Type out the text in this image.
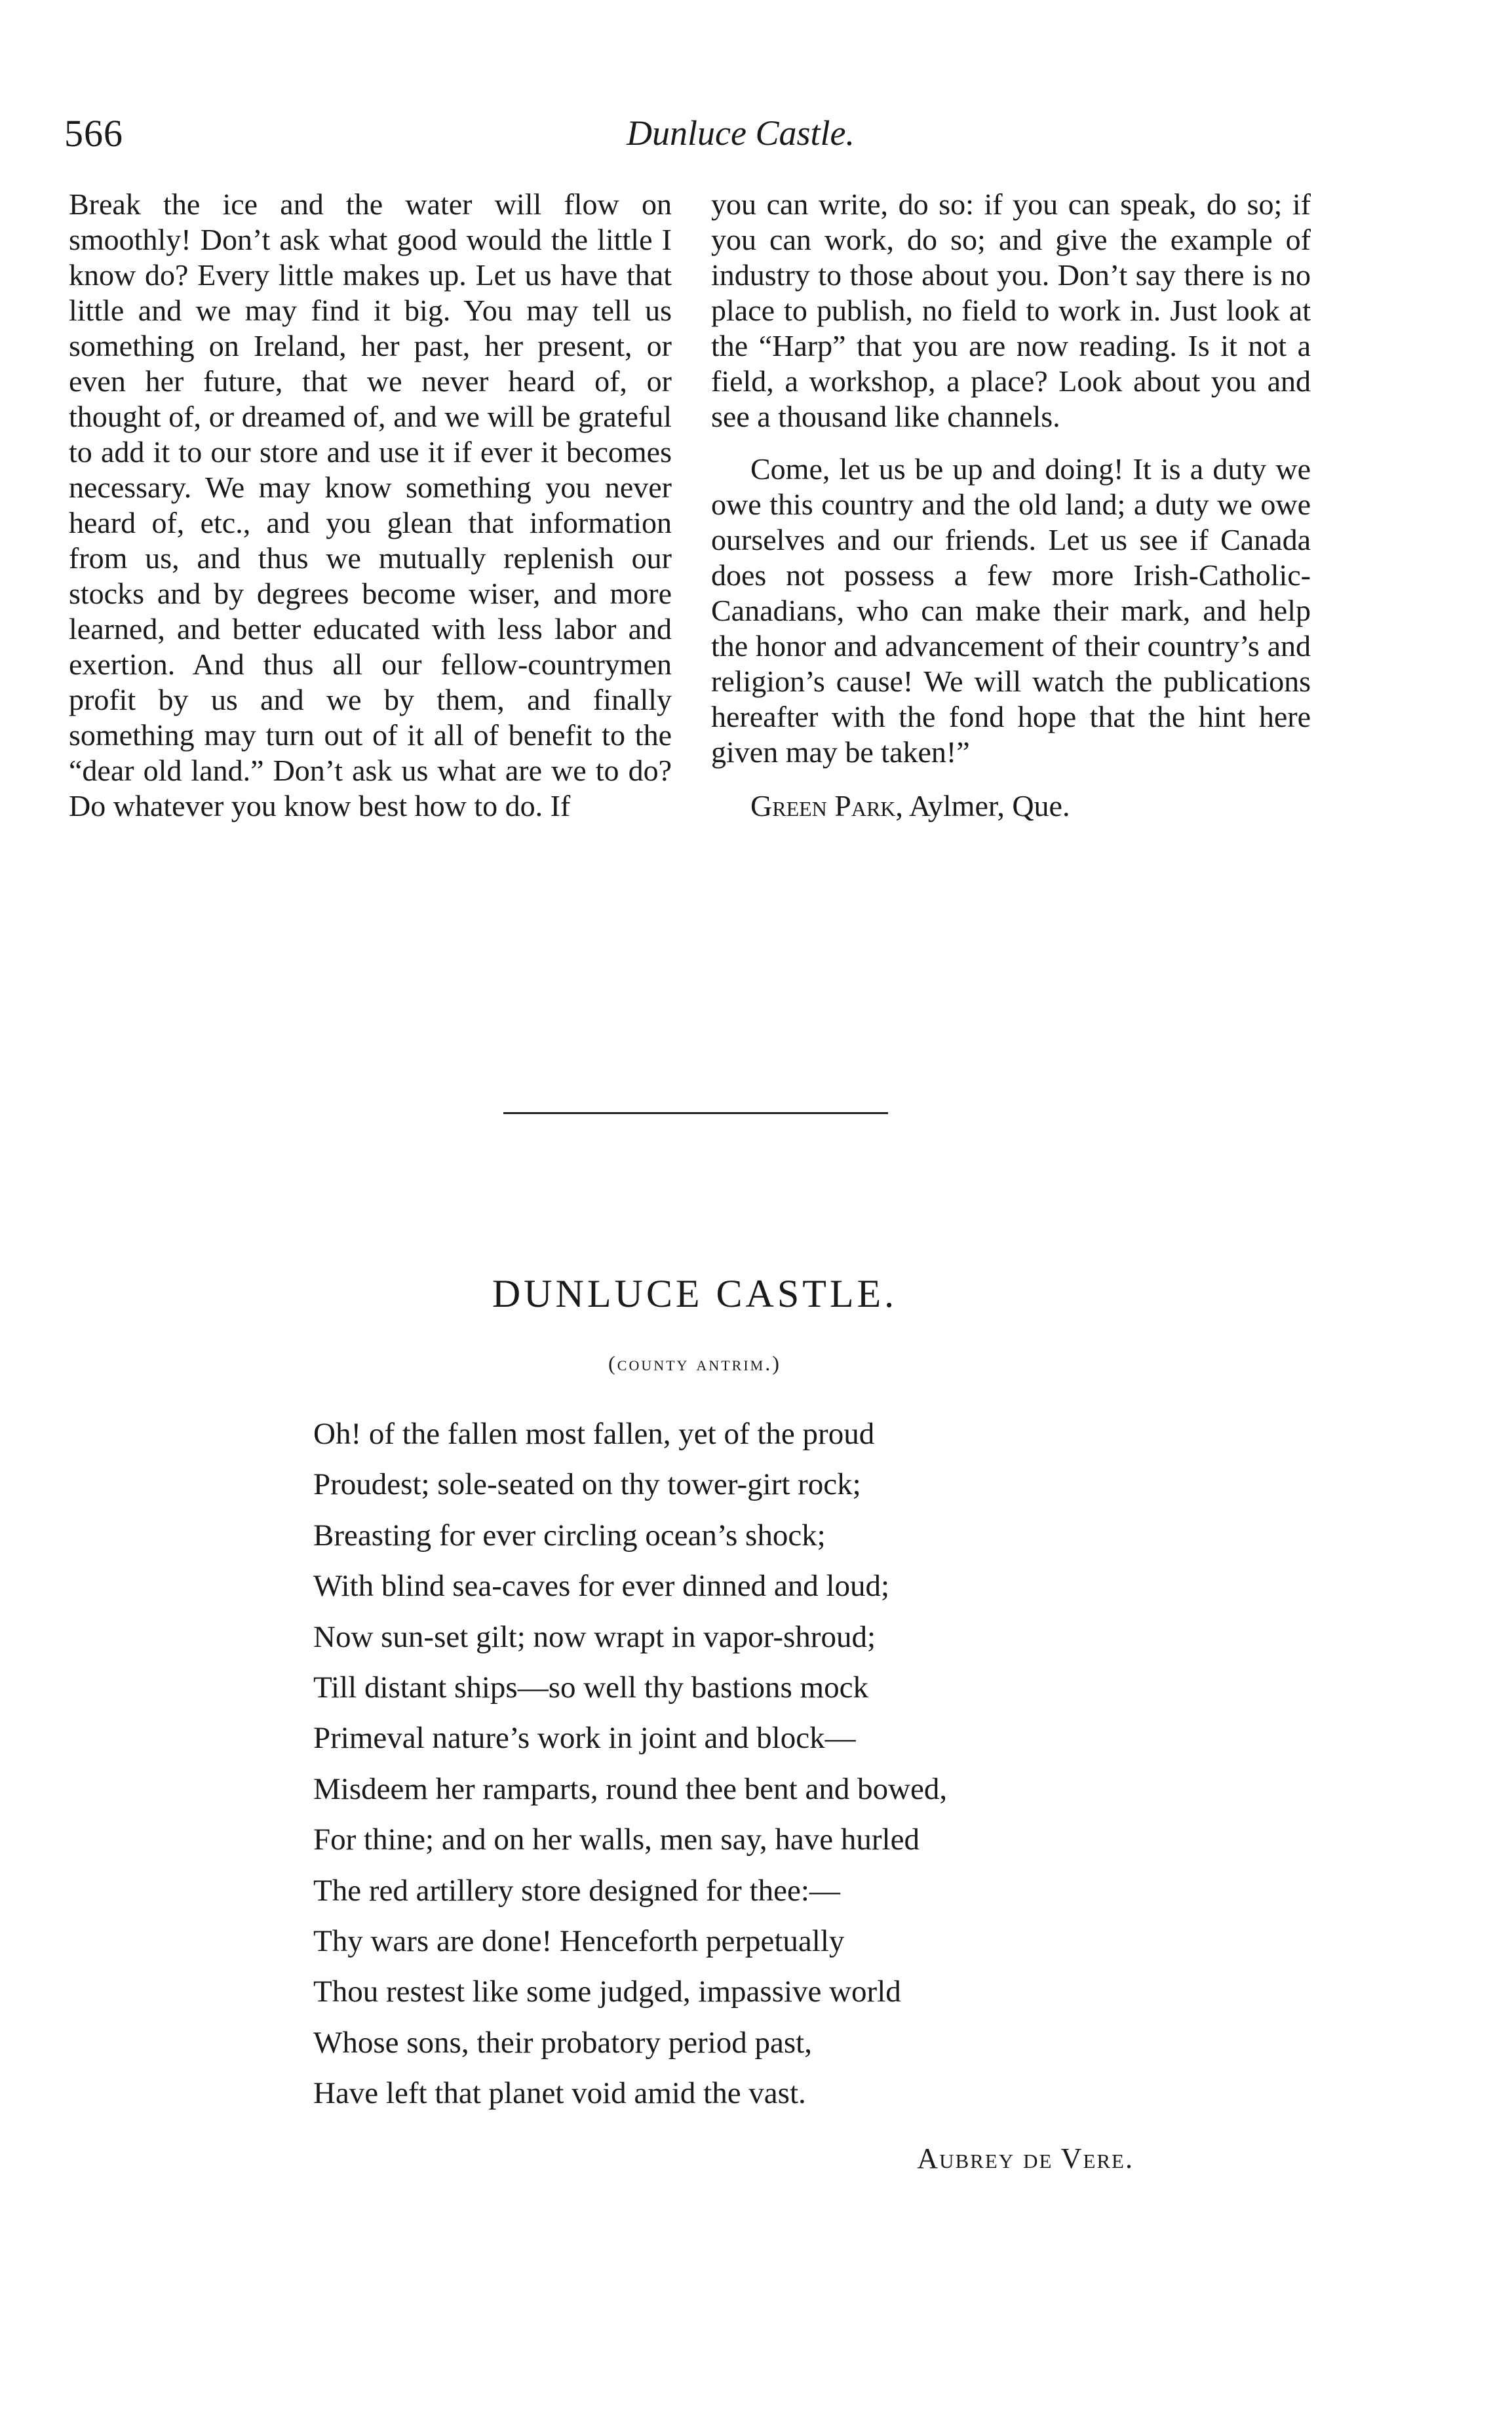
566	Dunluce Castle.

Break the ice and the water will flow on smoothly! Don’t ask what good would the little I know do? Every little makes up. Let us have that little and we may find it big. You may tell us something on Ireland, her past, her present, or even her future, that we never heard of, or thought of, or dreamed of, and we will be grateful to add it to our store and use it if ever it becomes necessary. We may know something you never heard of, etc., and you glean that information from us, and thus we mutually replenish our stocks and by degrees become wiser, and more learned, and better educated with less labor and exertion. And thus all our fellow-countrymen profit by us and we by them, and finally something may turn out of it all of benefit to the “dear old land.” Don’t ask us what are we to do? Do whatever you know best how to do. If

you can write, do so: if you can speak, do so; if you can work, do so; and give the example of industry to those about you. Don’t say there is no place to publish, no field to work in. Just look at the “Harp” that you are now reading. Is it not a field, a workshop, a place? Look about you and see a thousand like channels.

Come, let us be up and doing! It is a duty we owe this country and the old land; a duty we owe ourselves and our friends. Let us see if Canada does not possess a few more Irish-Catholic-Canadians, who can make their mark, and help the honor and advancement of their country’s and religion’s cause! We will watch the publications hereafter with the fond hope that the hint here given may be taken!”

Green Park, Aylmer, Que.

DUNLUCE CASTLE.
(county antrim.)
Oh! of the fallen most fallen, yet of the proud
Proudest; sole-seated on thy tower-girt rock;
Breasting for ever circling ocean’s shock;
With blind sea-caves for ever dinned and loud;
Now sun-set gilt; now wrapt in vapor-shroud;
Till distant ships—so well thy bastions mock
Primeval nature’s work in joint and block—
Misdeem her ramparts, round thee bent and bowed,
For thine; and on her walls, men say, have hurled
The red artillery store designed for thee:—
Thy wars are done! Henceforth perpetually
Thou restest like some judged, impassive world
Whose sons, their probatory period past,
Have left that planet void amid the vast.
Aubrey de Vere.
